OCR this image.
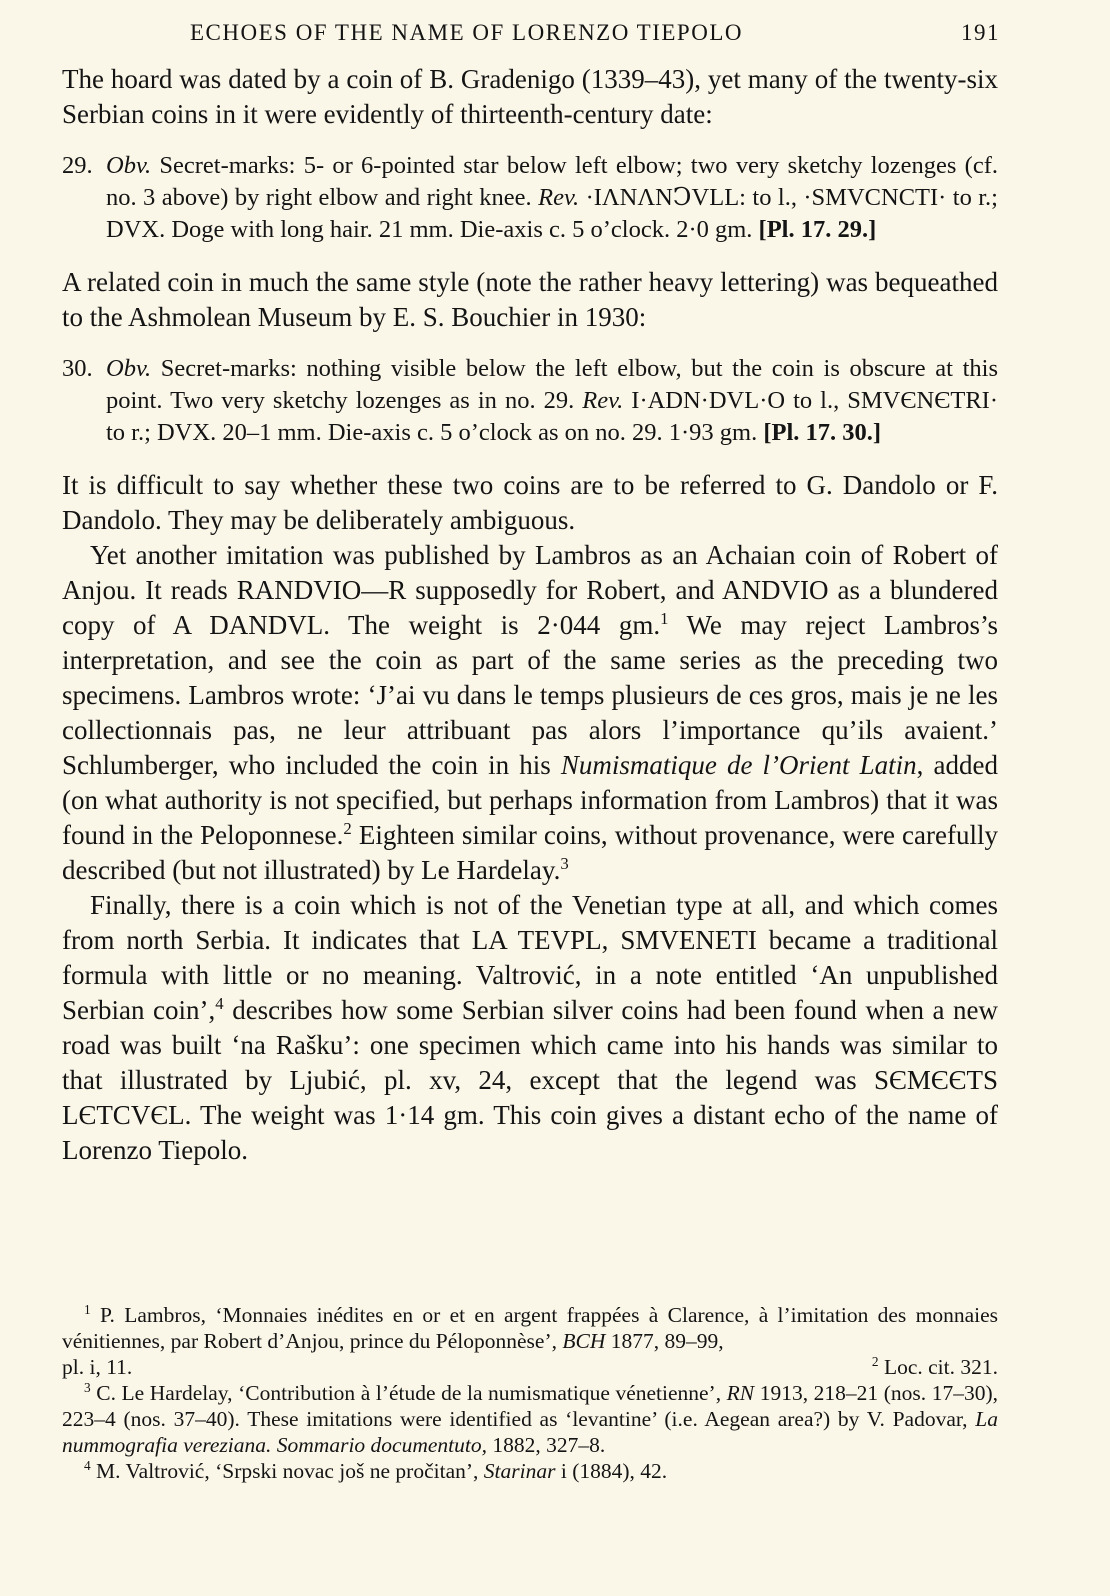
ECHOES OF THE NAME OF LORENZO TIEPOLO	191

The hoard was dated by a coin of B. Gradenigo (1339–43), yet many of the twenty-six Serbian coins in it were evidently of thirteenth-century date:

29. Obv. Secret-marks: 5- or 6-pointed star below left elbow; two very sketchy lozenges (cf. no. 3 above) by right elbow and right knee. Rev. ·IΛNΛNↃVLL: to l., ·SMVCNCTI· to r.; DVX. Doge with long hair. 21 mm. Die-axis c. 5 o’clock. 2·0 gm. [Pl. 17. 29.]

A related coin in much the same style (note the rather heavy lettering) was bequeathed to the Ashmolean Museum by E. S. Bouchier in 1930:

30. Obv. Secret-marks: nothing visible below the left elbow, but the coin is obscure at this point. Two very sketchy lozenges as in no. 29. Rev. I·ADN·DVL·O to l., SMVЄNЄTRI· to r.; DVX. 20–1 mm. Die-axis c. 5 o’clock as on no. 29. 1·93 gm. [Pl. 17. 30.]

It is difficult to say whether these two coins are to be referred to G. Dandolo or F. Dandolo. They may be deliberately ambiguous.

Yet another imitation was published by Lambros as an Achaian coin of Robert of Anjou. It reads RANDVIO—R supposedly for Robert, and ANDVIO as a blundered copy of A DANDVL. The weight is 2·044 gm.$^1$ We may reject Lambros’s interpretation, and see the coin as part of the same series as the preceding two specimens. Lambros wrote: ‘J’ai vu dans le temps plusieurs de ces gros, mais je ne les collectionnais pas, ne leur attribuant pas alors l’importance qu’ils avaient.’ Schlumberger, who included the coin in his Numismatique de l’Orient Latin, added (on what authority is not specified, but perhaps information from Lambros) that it was found in the Peloponnese.$^2$ Eighteen similar coins, without provenance, were carefully described (but not illustrated) by Le Hardelay.$^3$

Finally, there is a coin which is not of the Venetian type at all, and which comes from north Serbia. It indicates that LA TEVPL, SMVENETI became a traditional formula with little or no meaning. Valtrović, in a note entitled ‘An unpublished Serbian coin’,$^4$ describes how some Serbian silver coins had been found when a new road was built ‘na Rašku’: one specimen which came into his hands was similar to that illustrated by Ljubić, pl. xv, 24, except that the legend was SЄMЄЄTS LЄTCVЄL. The weight was 1·14 gm. This coin gives a distant echo of the name of Lorenzo Tiepolo.

$^1$ P. Lambros, ‘Monnaies inédites en or et en argent frappées à Clarence, à l’imitation des monnaies vénitiennes, par Robert d’Anjou, prince du Péloponnèse’, BCH 1877, 89–99,
pl. i, 11.	$^2$ Loc. cit. 321.

$^3$ C. Le Hardelay, ‘Contribution à l’étude de la numismatique vénetienne’, RN 1913, 218–21 (nos. 17–30), 223–4 (nos. 37–40). These imitations were identified as ‘levantine’ (i.e. Aegean area?) by V. Padovar, La nummografia vereziana. Sommario documentuto, 1882, 327–8.

$^4$ M. Valtrović, ‘Srpski novac još ne pročitan’, Starinar i (1884), 42.
